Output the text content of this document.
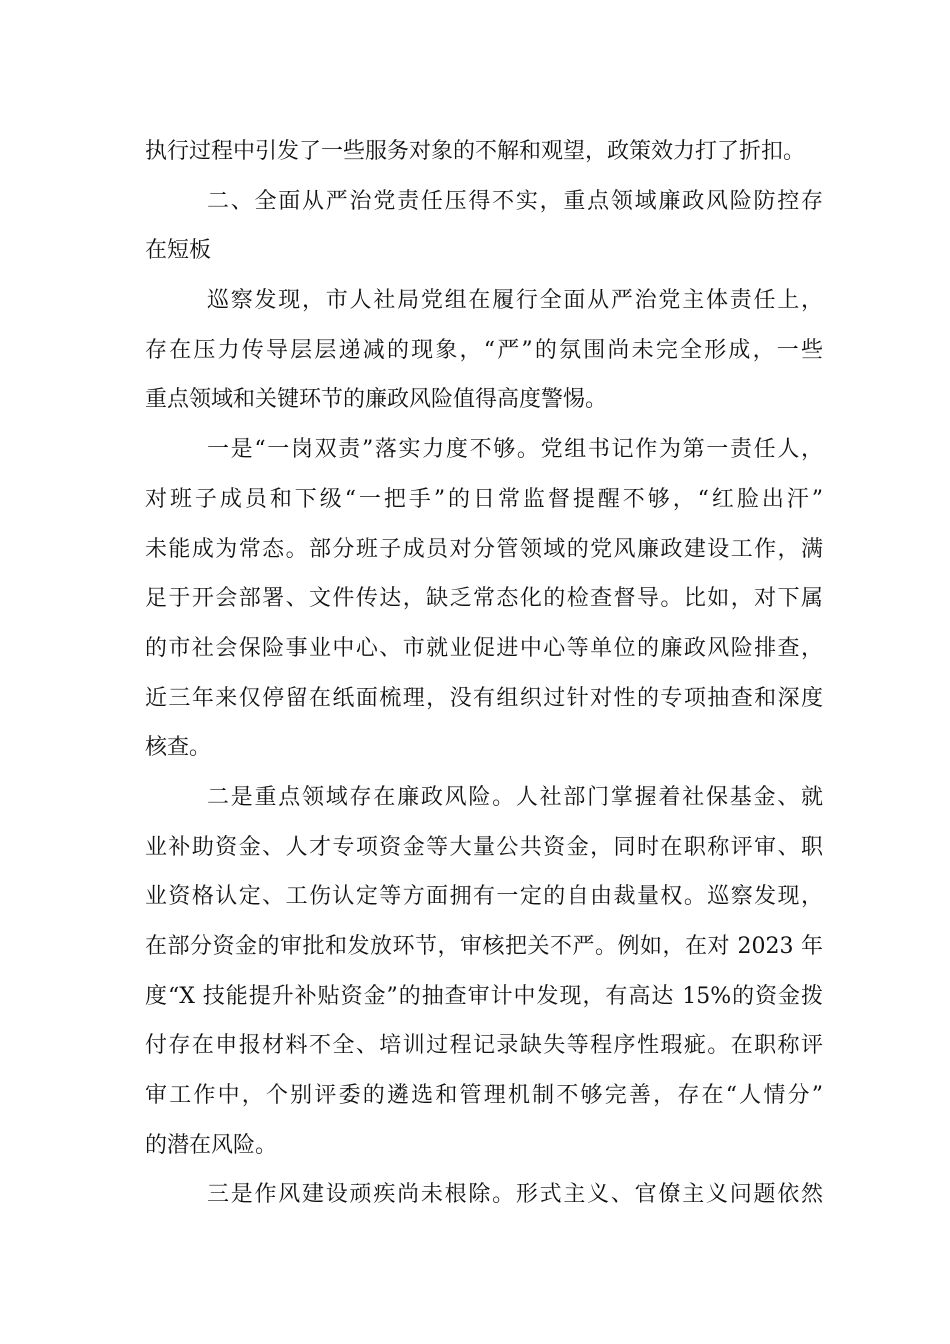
执行过程中引发了一些服务对象的不解和观望，政策效力打了折扣。
二、全面从严治党责任压得不实，重点领域廉政风险防控存
在短板
巡察发现，市人社局党组在履行全面从严治党主体责任上，
存在压力传导层层递减的现象，“严”的氛围尚未完全形成，一些
重点领域和关键环节的廉政风险值得高度警惕。
一是“一岗双责”落实力度不够。党组书记作为第一责任人，
对班子成员和下级“一把手”的日常监督提醒不够，“红脸出汗”
未能成为常态。部分班子成员对分管领域的党风廉政建设工作，满
足于开会部署、文件传达，缺乏常态化的检查督导。比如，对下属
的市社会保险事业中心、市就业促进中心等单位的廉政风险排查，
近三年来仅停留在纸面梳理，没有组织过针对性的专项抽查和深度
核查。
二是重点领域存在廉政风险。人社部门掌握着社保基金、就
业补助资金、人才专项资金等大量公共资金，同时在职称评审、职
业资格认定、工伤认定等方面拥有一定的自由裁量权。巡察发现，
在部分资金的审批和发放环节，审核把关不严。例如，在对 2023 年
度“X 技能提升补贴资金”的抽查审计中发现，有高达 15%的资金拨
付存在申报材料不全、培训过程记录缺失等程序性瑕疵。在职称评
审工作中，个别评委的遴选和管理机制不够完善，存在“人情分”
的潜在风险。
三是作风建设顽疾尚未根除。形式主义、官僚主义问题依然
